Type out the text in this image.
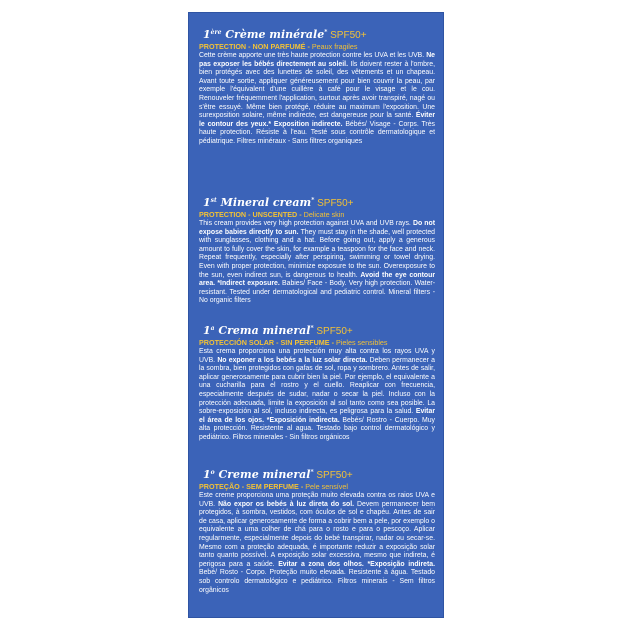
1ère Crème minérale* SPF50+
PROTECTION - NON PARFUMÉ - Peaux fragiles
Cette crème apporte une très haute protection contre les UVA et les UVB. Ne pas exposer les bébés directement au soleil. Ils doivent rester à l'ombre, bien protégés avec des lunettes de soleil, des vêtements et un chapeau. Avant toute sortie, appliquer généreusement pour bien couvrir la peau, par exemple l'équivalent d'une cuillère à café pour le visage et le cou. Renouveler fréquemment l'application, surtout après avoir transpiré, nagé ou s'être essuyé. Même bien protégé, réduire au maximum l'exposition. Une surexposition solaire, même indirecte, est dangereuse pour la santé. Éviter le contour des yeux.* Exposition indirecte. Bébés/ Visage - Corps. Très haute protection. Résiste à l'eau. Testé sous contrôle dermatologique et pédiatrique. Filtres minéraux - Sans filtres organiques
1st Mineral cream* SPF50+
PROTECTION - UNSCENTED - Delicate skin
This cream provides very high protection against UVA and UVB rays. Do not expose babies directly to sun. They must stay in the shade, well protected with sunglasses, clothing and a hat. Before going out, apply a generous amount to fully cover the skin, for example a teaspoon for the face and neck. Repeat frequently, especially after perspiring, swimming or towel drying. Even with proper protection, minimize exposure to the sun. Overexposure to the sun, even indirect sun, is dangerous to health. Avoid the eye contour area. *Indirect exposure. Babies/ Face - Body. Very high protection. Water-resistant. Tested under dermatological and pediatric control. Mineral filters - No organic filters
1$^a$ Crema mineral* SPF50+
PROTECCIÓN SOLAR - SIN PERFUME - Pieles sensibles
Esta crema proporciona una protección muy alta contra los rayos UVA y UVB. No exponer a los bebés a la luz solar directa. Deben permanecer a la sombra, bien protegidos con gafas de sol, ropa y sombrero. Antes de salir, aplicar generosamente para cubrir bien la piel. Por ejemplo, el equivalente a una cucharilla para el rostro y el cuello. Reaplicar con frecuencia, especialmente después de sudar, nadar o secar la piel. Incluso con la protección adecuada, limite la exposición al sol tanto como sea posible. La sobre-exposición al sol, incluso indirecta, es peligrosa para la salud. Evitar el área de los ojos. *Exposición indirecta. Bebés/ Rostro - Cuerpo. Muy alta protección. Resistente al agua. Testado bajo control dermatológico y pediátrico. Filtros minerales - Sin filtros orgánicos
1$^o$ Creme mineral* SPF50+
PROTEÇÃO - SEM PERFUME - Pele sensível
Este creme proporciona uma proteção muito elevada contra os raios UVA e UVB. Não expor os bebés à luz direta do sol. Devem permanecer bem protegidos, à sombra, vestidos, com óculos de sol e chapéu. Antes de sair de casa, aplicar generosamente de forma a cobrir bem a pele, por exemplo o equivalente a uma colher de chá para o rosto e para o pescoço. Aplicar regularmente, especialmente depois do bebé transpirar, nadar ou secar-se. Mesmo com a proteção adequada, é importante reduzir a exposição solar tanto quanto possível. A exposição solar excessiva, mesmo que indireta, é perigosa para a saúde. Evitar a zona dos olhos. *Exposição indireta. Bebé/ Rosto - Corpo. Proteção muito elevada. Resistente à água. Testado sob controlo dermatológico e pediátrico. Filtros minerais - Sem filtros orgânicos
